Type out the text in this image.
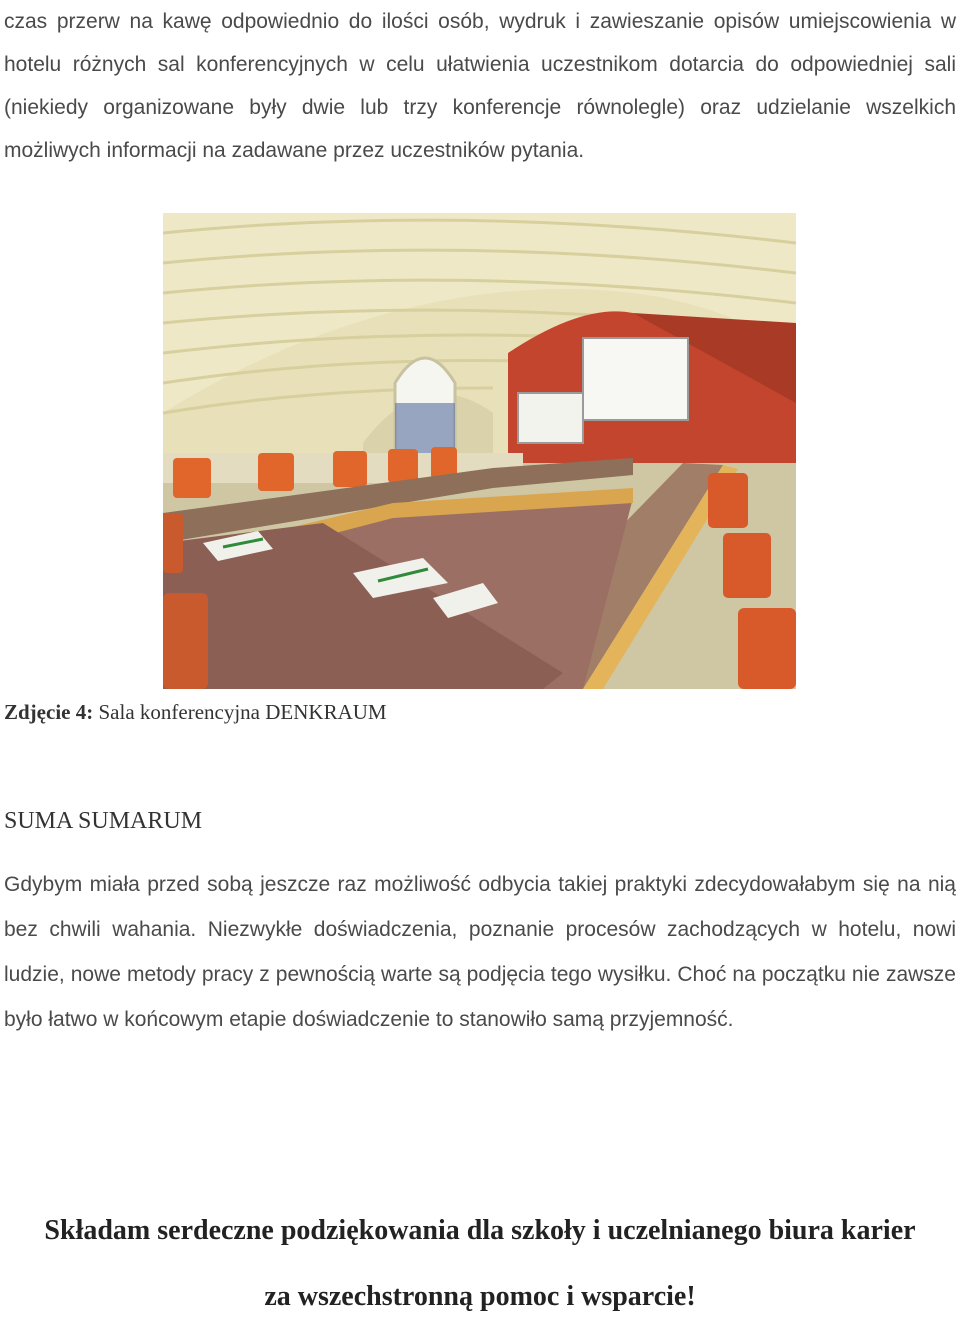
czas przerw na kawę odpowiednio do ilości osób, wydruk i zawieszanie opisów umiejscowienia w hotelu różnych sal konferencyjnych w celu ułatwienia uczestnikom dotarcia do odpowiedniej sali (niekiedy organizowane były dwie lub trzy konferencje równolegle) oraz udzielanie wszelkich możliwych informacji na zadawane przez uczestników pytania.
Zdjęcie 4: Sala konferencyjna DENKRAUM
SUMA SUMARUM

Gdybym miała przed sobą jeszcze raz możliwość odbycia takiej praktyki zdecydowałabym się na nią bez chwili wahania. Niezwykłe doświadczenia, poznanie procesów zachodzących w hotelu, nowi ludzie, nowe metody pracy z pewnością warte są podjęcia tego wysiłku. Choć na początku nie zawsze było łatwo w końcowym etapie doświadczenie to stanowiło samą przyjemność.

Składam serdeczne podziękowania dla szkoły i uczelnianego biura karier

za wszechstronną pomoc i wsparcie!
